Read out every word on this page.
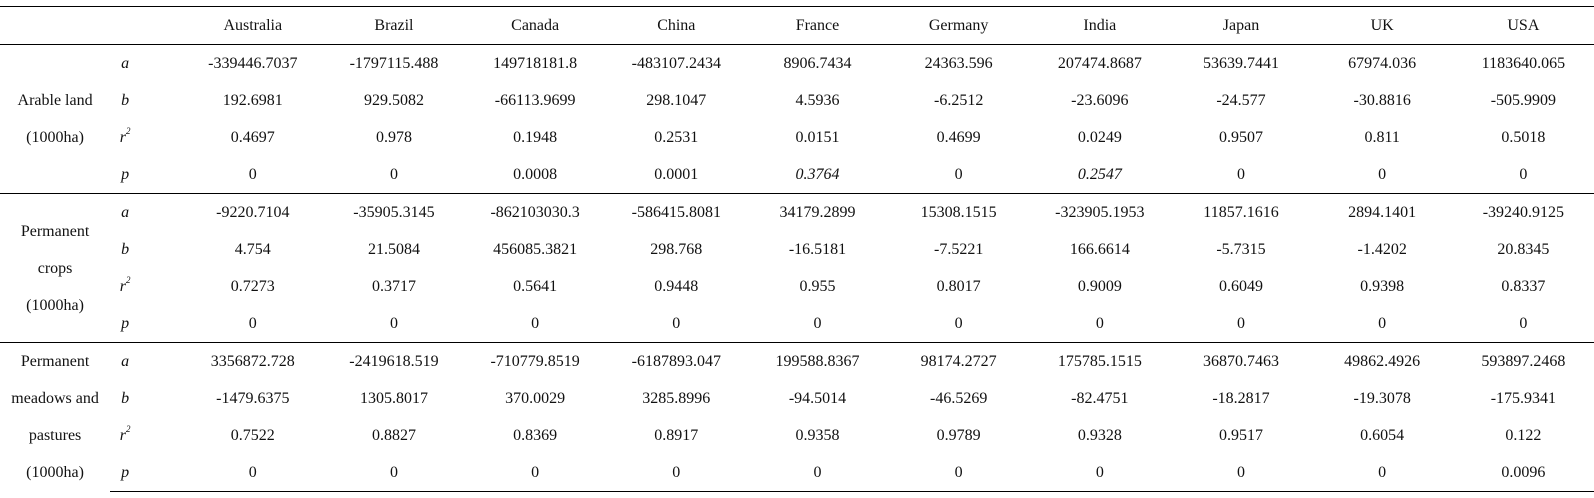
		Australia	Brazil	Canada	China	France	Germany	India	Japan	UK	USA

Arable land
(1000ha)	a	-339446.7037	-1797115.488	149718181.8	-483107.2434	8906.7434	24363.596	207474.8687	53639.7441	67974.036	1183640.065
	b	192.6981	929.5082	-66113.9699	298.1047	4.5936	-6.2512	-23.6096	-24.577	-30.8816	-505.9909
	$r^2$	0.4697	0.978	0.1948	0.2531	0.0151	0.4699	0.0249	0.9507	0.811	0.5018
	p	0	0	0.0008	0.0001	0.3764	0	0.2547	0	0	0

Permanent
crops
(1000ha)	a	-9220.7104	-35905.3145	-862103030.3	-586415.8081	34179.2899	15308.1515	-323905.1953	11857.1616	2894.1401	-39240.9125
	b	4.754	21.5084	456085.3821	298.768	-16.5181	-7.5221	166.6614	-5.7315	-1.4202	20.8345
	$r^2$	0.7273	0.3717	0.5641	0.9448	0.955	0.8017	0.9009	0.6049	0.9398	0.8337
	p	0	0	0	0	0	0	0	0	0	0

Permanent
meadows and
pastures
(1000ha)	a	3356872.728	-2419618.519	-710779.8519	-6187893.047	199588.8367	98174.2727	175785.1515	36870.7463	49862.4926	593897.2468
	b	-1479.6375	1305.8017	370.0029	3285.8996	-94.5014	-46.5269	-82.4751	-18.2817	-19.3078	-175.9341
	$r^2$	0.7522	0.8827	0.8369	0.8917	0.9358	0.9789	0.9328	0.9517	0.6054	0.122
	p	0	0	0	0	0	0	0	0	0	0.0096
